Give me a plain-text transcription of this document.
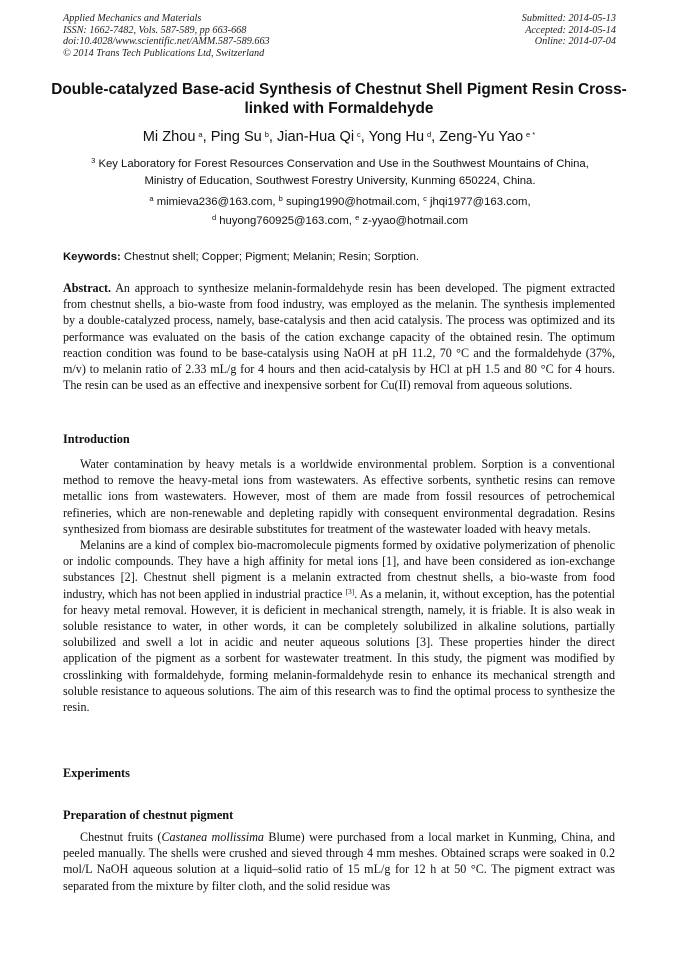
Applied Mechanics and Materials
ISSN: 1662-7482, Vols. 587-589, pp 663-668
doi:10.4028/www.scientific.net/AMM.587-589.663
© 2014 Trans Tech Publications Ltd, Switzerland
Submitted: 2014-05-13
Accepted: 2014-05-14
Online: 2014-07-04
Double-catalyzed Base-acid Synthesis of Chestnut Shell Pigment Resin Cross-linked with Formaldehyde
Mi Zhou  $^a$, Ping Su  $^b$, Jian-Hua Qi  $^c$, Yong Hu  $^d$, Zeng-Yu Yao  $^{e *}$
$^3$ Key Laboratory for Forest Resources Conservation and Use in the Southwest Mountains of China,
Ministry of Education, Southwest Forestry University, Kunming 650224, China.
$^a$ mimieva236@163.com, $^b$ suping1990@hotmail.com, $^c$ jhqi1977@163.com,
$^d$ huyong760925@163.com, $^e$ z-yyao@hotmail.com
Keywords: Chestnut shell; Copper; Pigment; Melanin; Resin; Sorption.
Abstract. An approach to synthesize melanin-formaldehyde resin has been developed. The pigment extracted from chestnut shells, a bio-waste from food industry, was employed as the melanin. The synthesis implemented by a double-catalyzed process, namely, base-catalysis and then acid catalysis. The process was optimized and its performance was evaluated on the basis of the cation exchange capacity of the obtained resin. The optimum reaction condition was found to be base-catalysis using NaOH at pH 11.2, 70 °C and the formaldehyde (37%, m/v) to melanin ratio of 2.33 mL/g for 4 hours and then acid-catalysis by HCl at pH 1.5 and 80 °C for 4 hours. The resin can be used as an effective and inexpensive sorbent for Cu(II) removal from aqueous solutions.
Introduction

Water contamination by heavy metals is a worldwide environmental problem. Sorption is a conventional method to remove the heavy-metal ions from wastewaters. As effective sorbents, synthetic resins can remove metallic ions from wastewaters. However, most of them are made from fossil resources of petrochemical refineries, which are non-renewable and depleting rapidly with consequent environmental degradation. Resins synthesized from biomass are desirable substitutes for treatment of the wastewater loaded with heavy metals.

Melanins are a kind of complex bio-macromolecule pigments formed by oxidative polymerization of phenolic or indolic compounds. They have a high affinity for metal ions [1], and have been considered as ion-exchange substances [2]. Chestnut shell pigment is a melanin extracted from chestnut shells, a bio-waste from food industry, which has not been applied in industrial practice [3]. As a melanin, it, without exception, has the potential for heavy metal removal. However, it is deficient in mechanical strength, namely, it is friable. It is also weak in soluble resistance to water, in other words, it can be completely solubilized in alkaline solutions, partially solubilized and swell a lot in acidic and neuter aqueous solutions [3]. These properties hinder the direct application of the pigment as a sorbent for wastewater treatment. In this study, the pigment was modified by crosslinking with formaldehyde, forming melanin-formaldehyde resin to enhance its mechanical strength and soluble resistance to aqueous solutions. The aim of this research was to find the optimal process to synthesize the resin.

Experiments
Preparation of chestnut pigment

Chestnut fruits (Castanea mollissima Blume) were purchased from a local market in Kunming, China, and peeled manually. The shells were crushed and sieved through 4 mm meshes. Obtained scraps were soaked in 0.2 mol/L NaOH aqueous solution at a liquid–solid ratio of 15 mL/g for 12 h at 50 °C. The pigment extract was separated from the mixture by filter cloth, and the solid residue was
